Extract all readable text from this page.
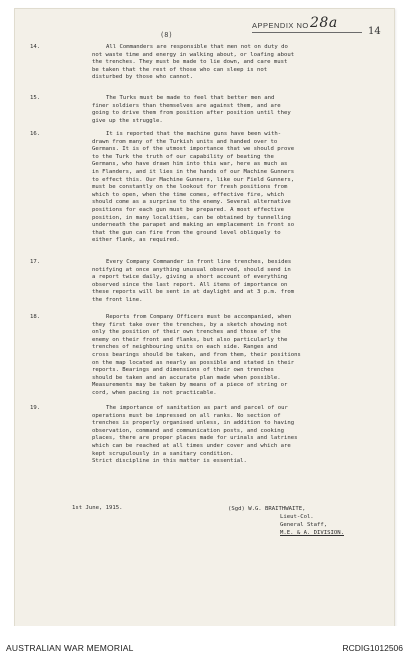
APPENDIX NO 28a
14
(8)
14.	All Commanders are responsible that men not on duty do
not waste time and energy in walking about, or loafing about
the trenches. They must be made to lie down, and care must
be taken that the rest of those who can sleep is not
disturbed by those who cannot.
15.	The Turks must be made to feel that better men and
finer soldiers than themselves are against them, and are
going to drive them from position after position until they
give up the struggle.
16.	It is reported that the machine guns have been with-
drawn from many of the Turkish units and handed over to
Germans. It is of the utmost importance that we should prove
to the Turk the truth of our capability of beating the
Germans, who have drawn him into this war, here as much as
in Flanders, and it lies in the hands of our Machine Gunners
to effect this. Our Machine Gunners, like our Field Gunners,
must be constantly on the lookout for fresh positions from
which to open, when the time comes, effective fire, which
should come as a surprise to the enemy. Several alternative
positions for each gun must be prepared. A most effective
position, in many localities, can be obtained by tunnelling
underneath the parapet and making an emplacement in front so
that the gun can fire from the ground level obliquely to
either flank, as required.
17.	Every Company Commander in front line trenches, besides
notifying at once anything unusual observed, should send in
a report twice daily, giving a short account of everything
observed since the last report. All items of importance on
these reports will be sent in at daylight and at 3 p.m. from
the front line.
18.	Reports from Company Officers must be accompanied, when
they first take over the trenches, by a sketch showing not
only the position of their own trenches and those of the
enemy on their front and flanks, but also particularly the
trenches of neighbouring units on each side. Ranges and
cross bearings should be taken, and from them, their positions
on the map located as nearly as possible and stated in their
reports. Bearings and dimensions of their own trenches
should be taken and an accurate plan made when possible.
Measurements may be taken by means of a piece of string or
cord, when pacing is not practicable.
19.	The importance of sanitation as part and parcel of our
operations must be impressed on all ranks. No section of
trenches is properly organised unless, in addition to having
observation, command and communication posts, and cooking
places, there are proper places made for urinals and latrines
which can be reached at all times under cover and which are
kept scrupulously in a sanitary condition.
Strict discipline in this matter is essential.
1st June, 1915.	(Sgd) W.G. BRAITHWAITE,
Lieut-Col.
General Staff,
M.E. & A. DIVISION.
AUSTRALIAN WAR MEMORIAL	RCDIG1012506
